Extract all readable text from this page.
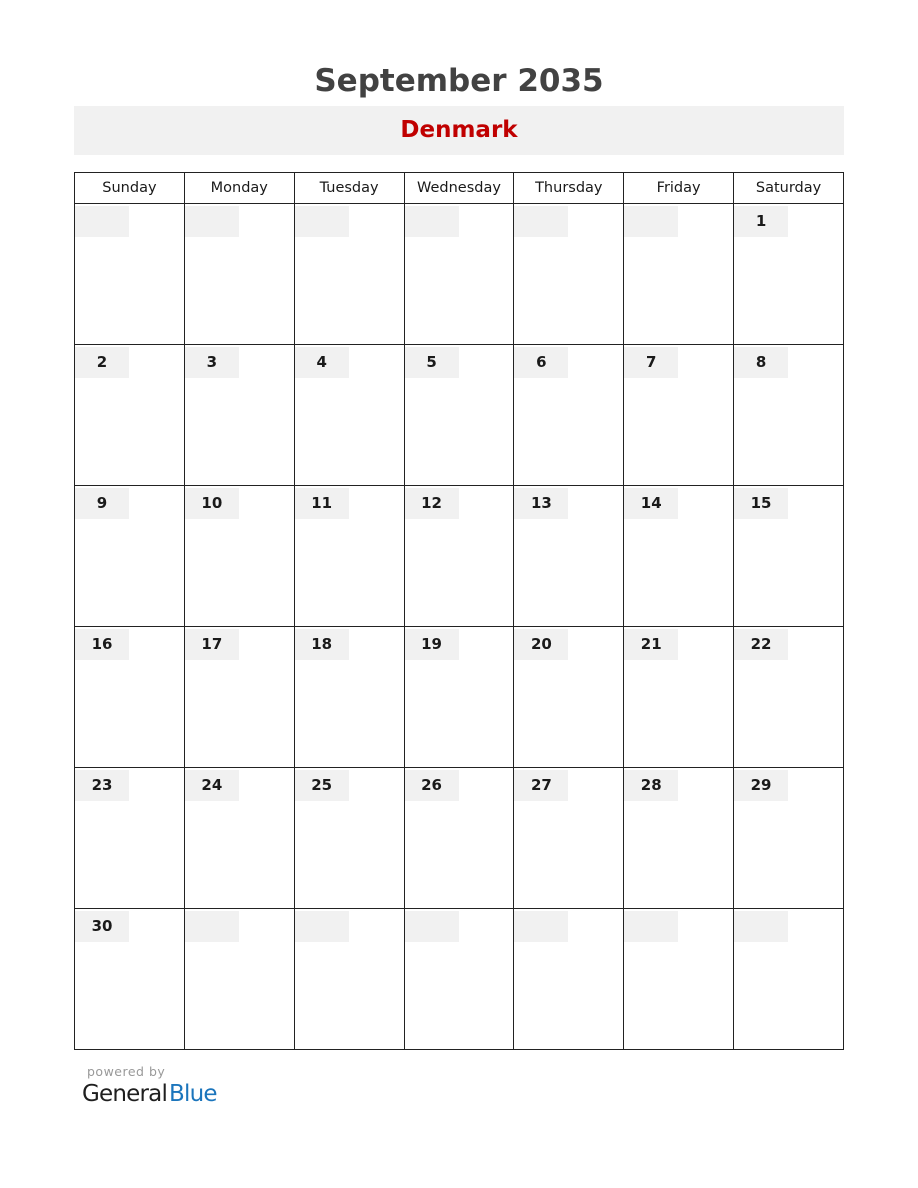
September 2035
Denmark
Sunday	Monday	Tuesday	Wednesday	Thursday	Friday	Saturday

						1

2	3	4	5	6	7	8

9	10	11	12	13	14	15

16	17	18	19	20	21	22

23	24	25	26	27	28	29

30						

powered by
GeneralBlue
